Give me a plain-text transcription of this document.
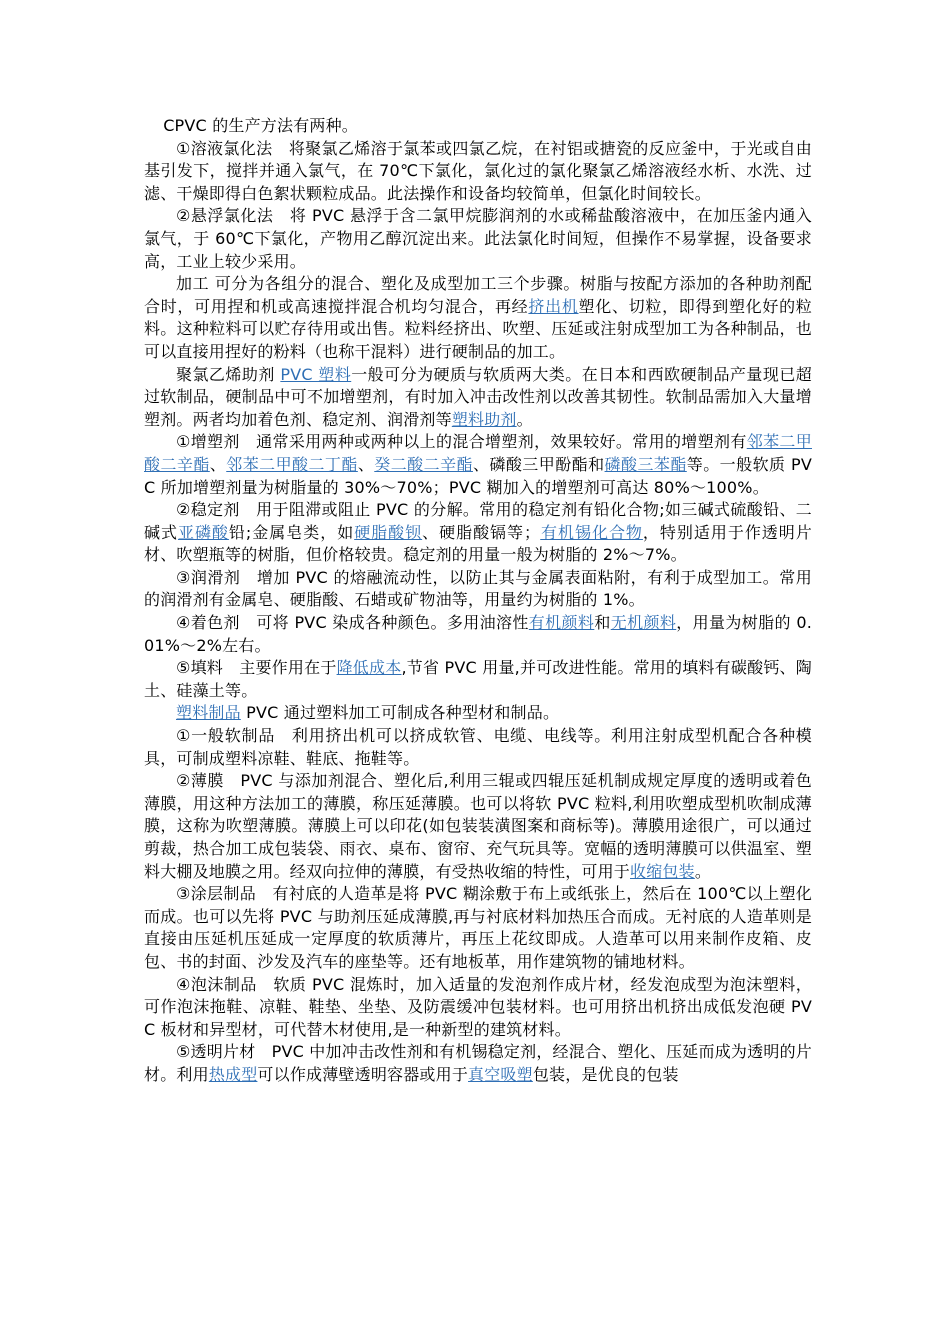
CPVC 的生产方法有两种。

①溶液氯化法　将聚氯乙烯溶于氯苯或四氯乙烷，在衬铝或搪瓷的反应釜中，于光或自由基引发下，搅拌并通入氯气，在 70℃下氯化，氯化过的氯化聚氯乙烯溶液经水析、水洗、过滤、干燥即得白色絮状颗粒成品。此法操作和设备均较简单，但氯化时间较长。

②悬浮氯化法　将 PVC 悬浮于含二氯甲烷膨润剂的水或稀盐酸溶液中，在加压釜内通入氯气，于 60℃下氯化，产物用乙醇沉淀出来。此法氯化时间短，但操作不易掌握，设备要求高，工业上较少采用。

加工 可分为各组分的混合、塑化及成型加工三个步骤。树脂与按配方添加的各种助剂配合时，可用捏和机或高速搅拌混合机均匀混合，再经挤出机塑化、切粒，即得到塑化好的粒料。这种粒料可以贮存待用或出售。粒料经挤出、吹塑、压延或注射成型加工为各种制品，也可以直接用捏好的粉料（也称干混料）进行硬制品的加工。

聚氯乙烯助剂 PVC 塑料一般可分为硬质与软质两大类。在日本和西欧硬制品产量现已超过软制品，硬制品中可不加增塑剂，有时加入冲击改性剂以改善其韧性。软制品需加入大量增塑剂。两者均加着色剂、稳定剂、润滑剂等塑料助剂。

①增塑剂　通常采用两种或两种以上的混合增塑剂，效果较好。常用的增塑剂有邻苯二甲酸二辛酯、邻苯二甲酸二丁酯、癸二酸二辛酯、磷酸三甲酚酯和磷酸三苯酯等。一般软质 PVC 所加增塑剂量为树脂量的 30%～70%；PVC 糊加入的增塑剂可高达 80%～100%。

②稳定剂　用于阻滞或阻止 PVC 的分解。常用的稳定剂有铅化合物;如三碱式硫酸铅、二碱式亚磷酸铅;金属皂类，如硬脂酸钡、硬脂酸镉等；有机锡化合物，特别适用于作透明片材、吹塑瓶等的树脂，但价格较贵。稳定剂的用量一般为树脂的 2%～7%。

③润滑剂　增加 PVC 的熔融流动性，以防止其与金属表面粘附，有利于成型加工。常用的润滑剂有金属皂、硬脂酸、石蜡或矿物油等，用量约为树脂的 1%。

④着色剂　可将 PVC 染成各种颜色。多用油溶性有机颜料和无机颜料，用量为树脂的 0.01%～2%左右。

⑤填料　主要作用在于降低成本,节省 PVC 用量,并可改进性能。常用的填料有碳酸钙、陶土、硅藻土等。

塑料制品 PVC 通过塑料加工可制成各种型材和制品。

①一般软制品　利用挤出机可以挤成软管、电缆、电线等。利用注射成型机配合各种模具，可制成塑料凉鞋、鞋底、拖鞋等。

②薄膜　PVC 与添加剂混合、塑化后,利用三辊或四辊压延机制成规定厚度的透明或着色薄膜，用这种方法加工的薄膜，称压延薄膜。也可以将软 PVC 粒料,利用吹塑成型机吹制成薄膜，这称为吹塑薄膜。薄膜上可以印花(如包装装潢图案和商标等)。薄膜用途很广，可以通过剪裁，热合加工成包装袋、雨衣、桌布、窗帘、充气玩具等。宽幅的透明薄膜可以供温室、塑料大棚及地膜之用。经双向拉伸的薄膜，有受热收缩的特性，可用于收缩包装。

③涂层制品　有衬底的人造革是将 PVC 糊涂敷于布上或纸张上，然后在 100℃以上塑化而成。也可以先将 PVC 与助剂压延成薄膜,再与衬底材料加热压合而成。无衬底的人造革则是直接由压延机压延成一定厚度的软质薄片，再压上花纹即成。人造革可以用来制作皮箱、皮包、书的封面、沙发及汽车的座垫等。还有地板革，用作建筑物的铺地材料。

④泡沫制品　软质 PVC 混炼时，加入适量的发泡剂作成片材，经发泡成型为泡沫塑料，可作泡沫拖鞋、凉鞋、鞋垫、坐垫、及防震缓冲包装材料。也可用挤出机挤出成低发泡硬 PVC 板材和异型材，可代替木材使用,是一种新型的建筑材料。

⑤透明片材　PVC 中加冲击改性剂和有机锡稳定剂，经混合、塑化、压延而成为透明的片材。利用热成型可以作成薄壁透明容器或用于真空吸塑包装，是优良的包装
